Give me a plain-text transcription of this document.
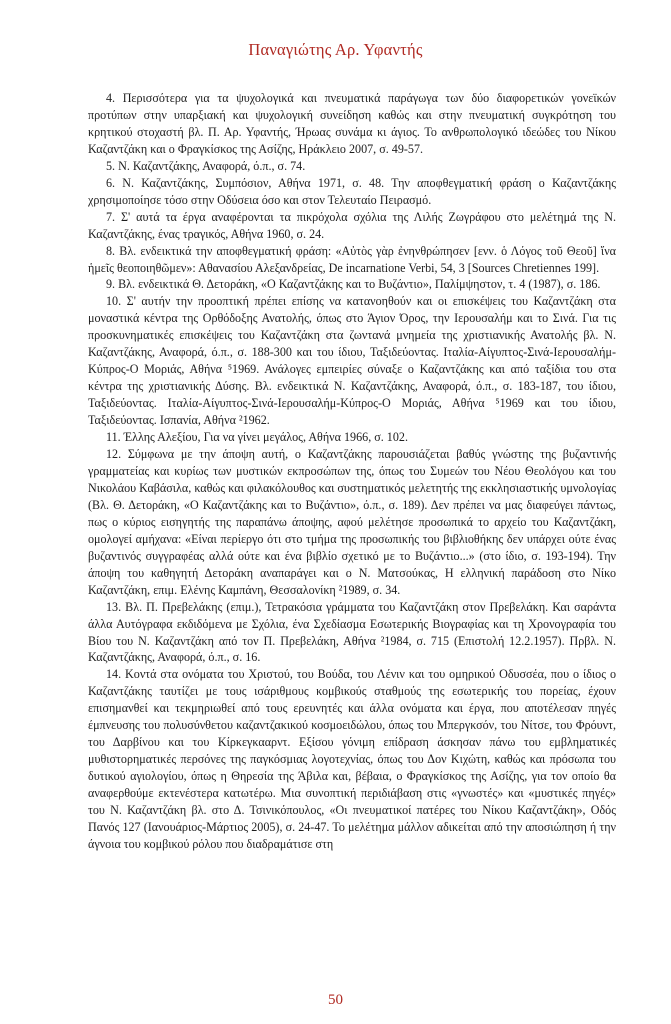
Παναγιώτης Αρ. Υφαντής

4. Περισσότερα για τα ψυχολογικά και πνευματικά παράγωγα των δύο διαφορετικών γονεϊκών προτύπων στην υπαρξιακή και ψυχολογική συνείδηση καθώς και στην πνευματική συγκρότηση του κρητικού στοχαστή βλ. Π. Αρ. Υφαντής, Ήρωας συνάμα κι άγιος. Το ανθρωπολογικό ιδεώδες του Νίκου Καζαντζάκη και ο Φραγκίσκος της Ασίζης, Ηράκλειο 2007, σ. 49-57.

5. Ν. Καζαντζάκης, Αναφορά, ό.π., σ. 74.

6. Ν. Καζαντζάκης, Συμπόσιον, Αθήνα 1971, σ. 48. Την αποφθεγματική φράση ο Καζαντζάκης χρησιμοποίησε τόσο στην Οδύσεια όσο και στον Τελευταίο Πειρασμό.

7. Σ' αυτά τα έργα αναφέρονται τα πικρόχολα σχόλια της Λιλής Ζωγράφου στο μελέτημά της Ν. Καζαντζάκης, ένας τραγικός, Αθήνα 1960, σ. 24.

8. Βλ. ενδεικτικά την αποφθεγματική φράση: «Αὐτὸς γὰρ ἐνηνθρώπησεν [ενν. ὁ Λόγος τοῦ Θεοῦ] ἵνα ἡμεῖς θεοποιηθῶμεν»: Αθανασίου Αλεξανδρείας, De incarnatione Verbi, 54, 3 [Sources Chretiennes 199].

9. Βλ. ενδεικτικά Θ. Δετοράκη, «Ο Καζαντζάκης και το Βυζάντιο», Παλίμψηστον, τ. 4 (1987), σ. 186.

10. Σ' αυτήν την προοπτική πρέπει επίσης να κατανοηθούν και οι επισκέψεις του Καζαντζάκη στα μοναστικά κέντρα της Ορθόδοξης Ανατολής, όπως στο Άγιον Όρος, την Ιερουσαλήμ και το Σινά. Για τις προσκυνηματικές επισκέψεις του Καζαντζάκη στα ζωντανά μνημεία της χριστιανικής Ανατολής βλ. Ν. Καζαντζάκης, Αναφορά, ό.π., σ. 188-300 και του ίδιου, Ταξιδεύοντας. Ιταλία-Αίγυπτος-Σινά-Ιερουσαλήμ-Κύπρος-Ο Μοριάς, Αθήνα ⁵1969. Ανάλογες εμπειρίες σύναξε ο Καζαντζάκης και από ταξίδια του στα κέντρα της χριστιανικής Δύσης. Βλ. ενδεικτικά Ν. Καζαντζάκης, Αναφορά, ό.π., σ. 183-187, του ίδιου, Ταξιδεύοντας. Ιταλία-Αίγυπτος-Σινά-Ιερουσαλήμ-Κύπρος-Ο Μοριάς, Αθήνα ⁵1969 και του ίδιου, Ταξιδεύοντας. Ισπανία, Αθήνα ²1962.

11. Έλλης Αλεξίου, Για να γίνει μεγάλος, Αθήνα 1966, σ. 102.

12. Σύμφωνα με την άποψη αυτή, ο Καζαντζάκης παρουσιάζεται βαθύς γνώστης της βυζαντινής γραμματείας και κυρίως των μυστικών εκπροσώπων της, όπως του Συμεών του Νέου Θεολόγου και του Νικολάου Καβάσιλα, καθώς και φιλακόλουθος και συστηματικός μελετητής της εκκλησιαστικής υμνολογίας (Βλ. Θ. Δετοράκη, «Ο Καζαντζάκης και το Βυζάντιο», ό.π., σ. 189). Δεν πρέπει να μας διαφεύγει πάντως, πως ο κύριος εισηγητής της παραπάνω άποψης, αφού μελέτησε προσωπικά το αρχείο του Καζαντζάκη, ομολογεί αμήχανα: «Είναι περίεργο ότι στο τμήμα της προσωπικής του βιβλιοθήκης δεν υπάρχει ούτε ένας βυζαντινός συγγραφέας αλλά ούτε και ένα βιβλίο σχετικό με το Βυζάντιο...» (στο ίδιο, σ. 193-194). Την άποψη του καθηγητή Δετοράκη αναπαράγει και ο Ν. Ματσούκας, Η ελληνική παράδοση στο Νίκο Καζαντζάκη, επιμ. Ελένης Καμπάνη, Θεσσαλονίκη ²1989, σ. 34.

13. Βλ. Π. Πρεβελάκης (επιμ.), Τετρακόσια γράμματα του Καζαντζάκη στον Πρεβελάκη. Και σαράντα άλλα Αυτόγραφα εκδιδόμενα με Σχόλια, ένα Σχεδίασμα Εσωτερικής Βιογραφίας και τη Χρονογραφία του Βίου του Ν. Καζαντζάκη από τον Π. Πρεβελάκη, Αθήνα ²1984, σ. 715 (Επιστολή 12.2.1957). Πρβλ. Ν. Καζαντζάκης, Αναφορά, ό.π., σ. 16.

14. Κοντά στα ονόματα του Χριστού, του Βούδα, του Λένιν και του ομηρικού Οδυσσέα, που ο ίδιος ο Καζαντζάκης ταυτίζει με τους ισάριθμους κομβικούς σταθμούς της εσωτερικής του πορείας, έχουν επισημανθεί και τεκμηριωθεί από τους ερευνητές και άλλα ονόματα και έργα, που αποτέλεσαν πηγές έμπνευσης του πολυσύνθετου καζαντζακικού κοσμοειδώλου, όπως του Μπεργκσόν, του Νίτσε, του Φρόυντ, του Δαρβίνου και του Κίρκεγκααρντ. Εξίσου γόνιμη επίδραση άσκησαν πάνω του εμβληματικές μυθιστορηματικές περσόνες της παγκόσμιας λογοτεχνίας, όπως του Δον Κιχώτη, καθώς και πρόσωπα του δυτικού αγιολογίου, όπως η Θηρεσία της Άβιλα και, βέβαια, ο Φραγκίσκος της Ασίζης, για τον οποίο θα αναφερθούμε εκτενέστερα κατωτέρω. Μια συνοπτική περιδιάβαση στις «γνωστές» και «μυστικές πηγές» του Ν. Καζαντζάκη βλ. στο Δ. Τσινικόπουλος, «Οι πνευματικοί πατέρες του Νίκου Καζαντζάκη», Οδός Πανός 127 (Ιανουάριος-Μάρτιος 2005), σ. 24-47. Το μελέτημα μάλλον αδικείται από την αποσιώπηση ή την άγνοια του κομβικού ρόλου που διαδραμάτισε στη

50
